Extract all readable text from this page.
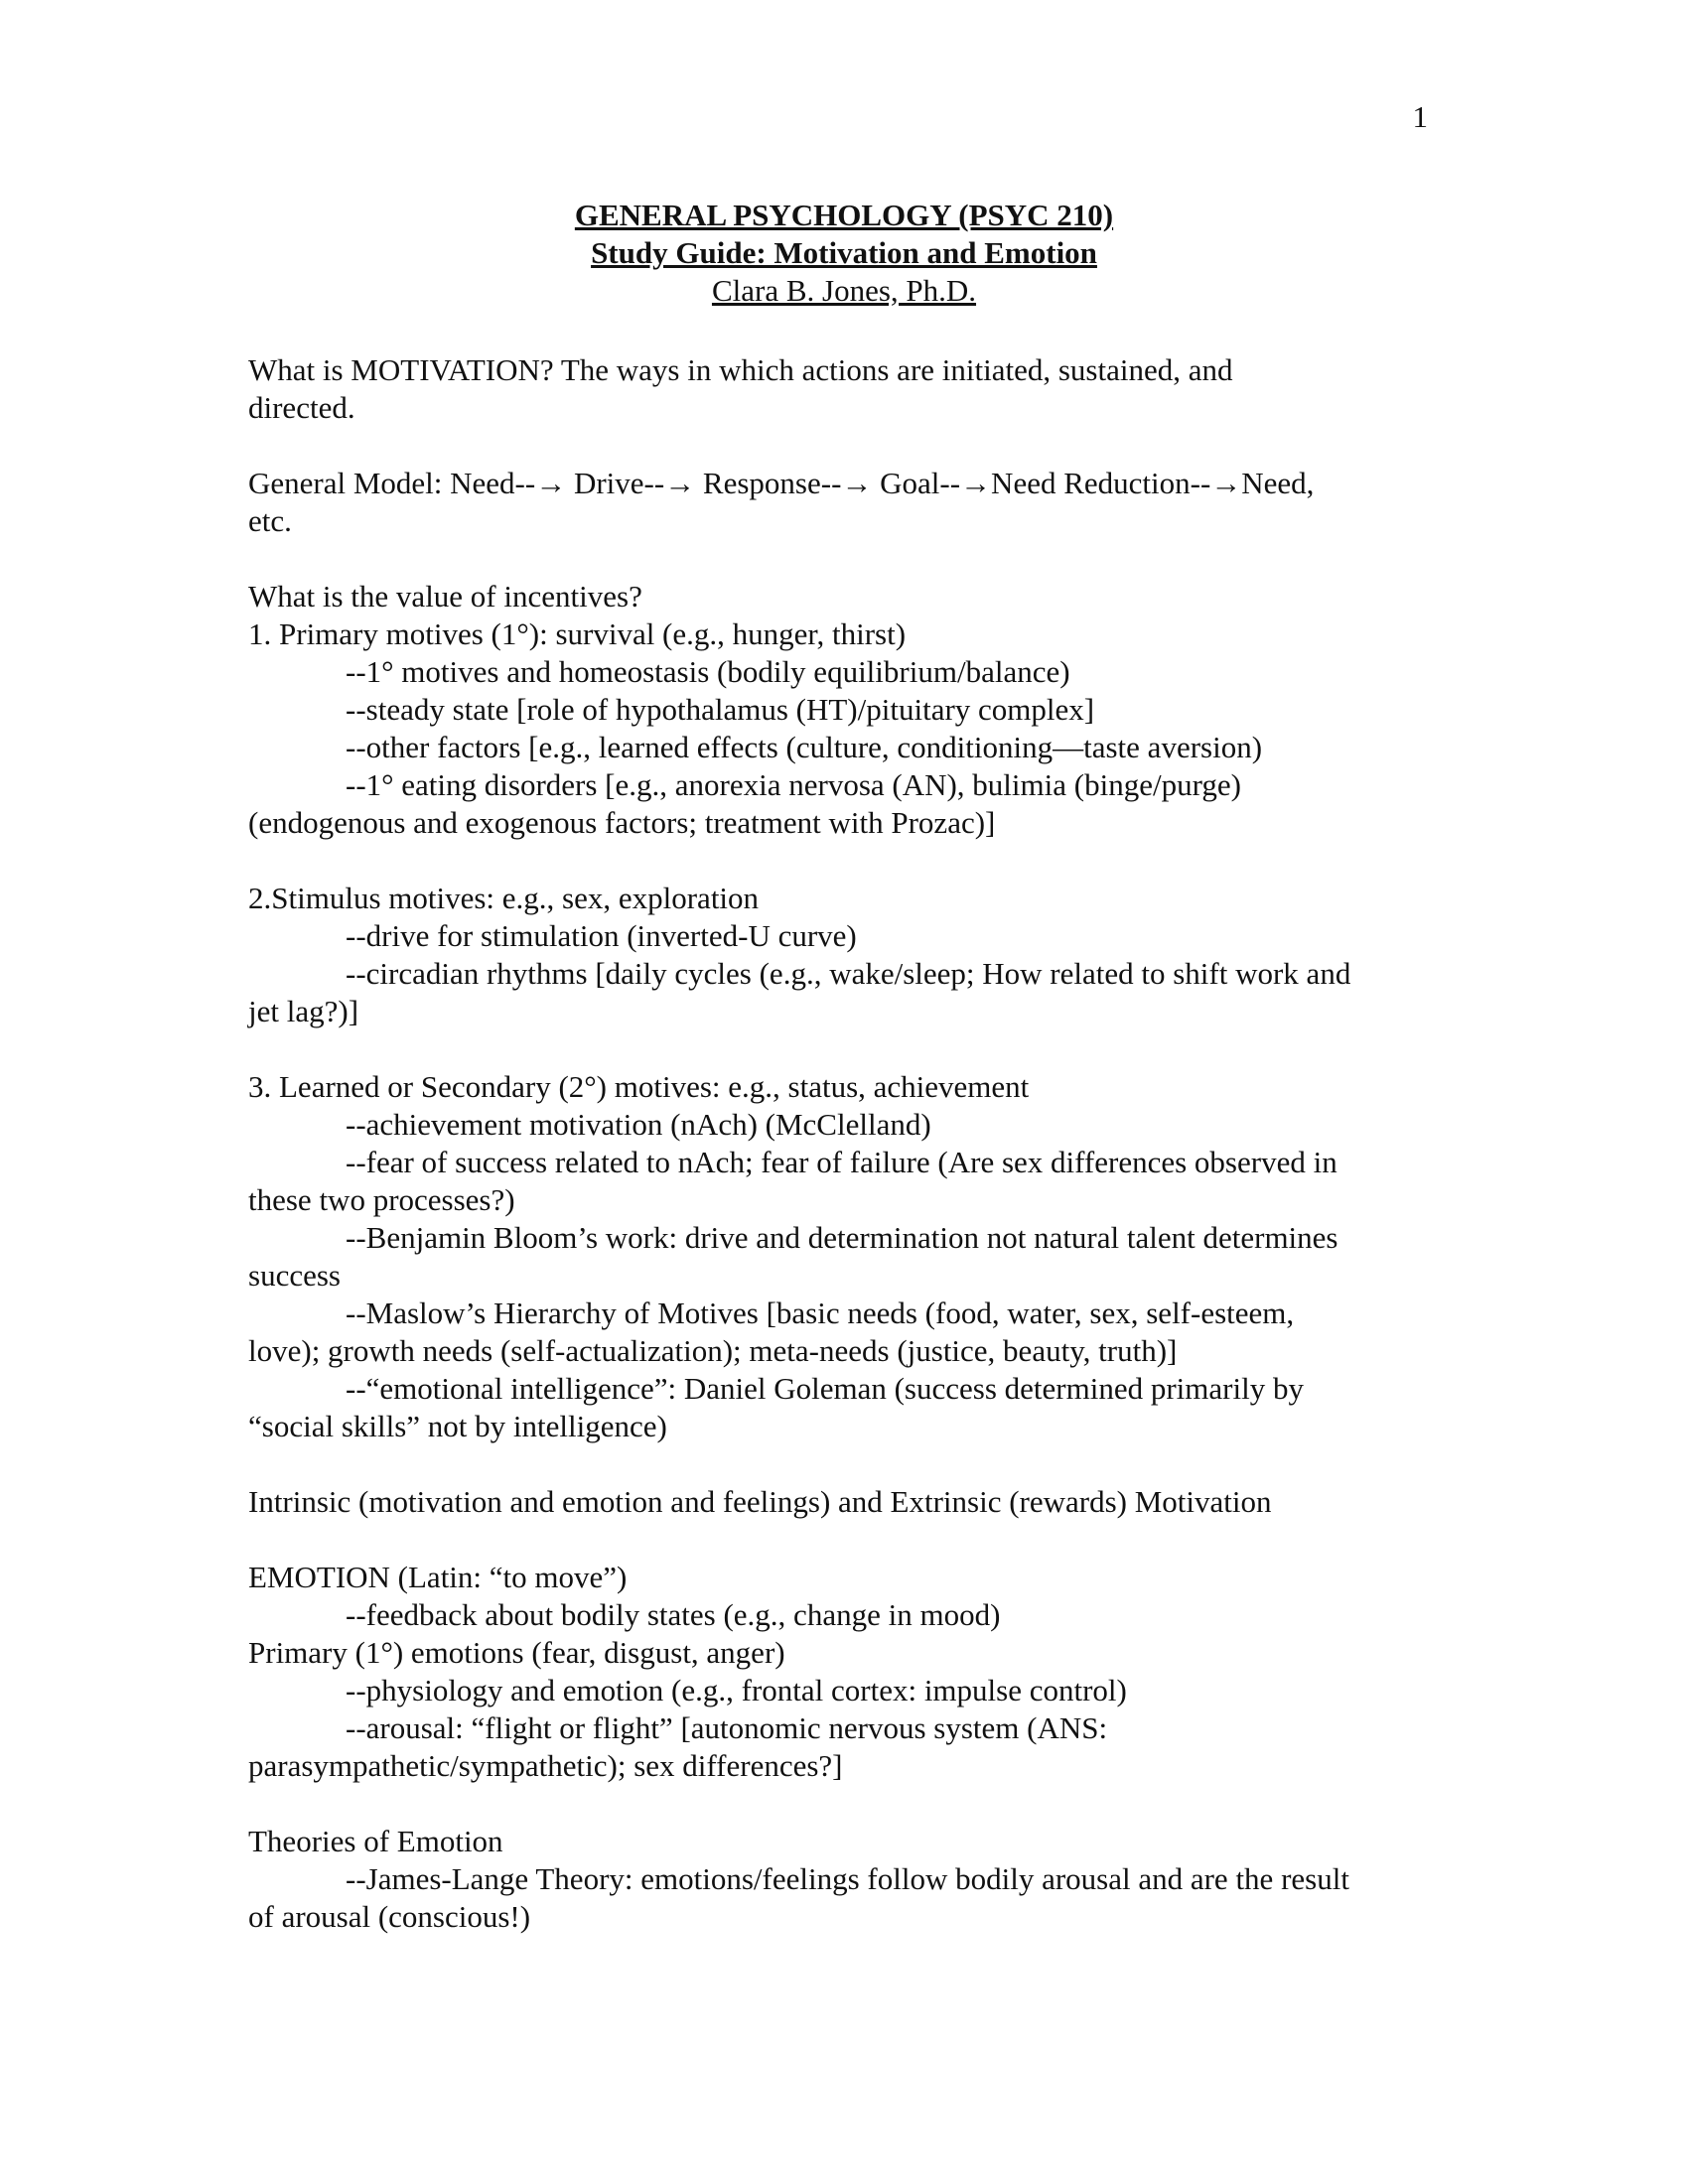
1
GENERAL PSYCHOLOGY (PSYC 210)
Study Guide: Motivation and Emotion
Clara B. Jones, Ph.D.
What is MOTIVATION? The ways in which actions are initiated, sustained, and
directed.
General Model: Need--→ Drive--→ Response--→ Goal--→Need Reduction--→Need,
etc.
What is the value of incentives?
1. Primary motives (1°): survival (e.g., hunger, thirst)
--1° motives and homeostasis (bodily equilibrium/balance)
--steady state [role of hypothalamus (HT)/pituitary complex]
--other factors [e.g., learned effects (culture, conditioning—taste aversion)
--1° eating disorders [e.g., anorexia nervosa (AN), bulimia (binge/purge)
(endogenous and exogenous factors; treatment with Prozac)]
2.Stimulus motives: e.g., sex, exploration
--drive for stimulation (inverted-U curve)
--circadian rhythms [daily cycles (e.g., wake/sleep; How related to shift work and
jet lag?)]
3. Learned or Secondary (2°) motives: e.g., status, achievement
--achievement motivation (nAch) (McClelland)
--fear of success related to nAch; fear of failure (Are sex differences observed in
these two processes?)
--Benjamin Bloom’s work: drive and determination not natural talent determines
success
--Maslow’s Hierarchy of Motives [basic needs (food, water, sex, self-esteem,
love); growth needs (self-actualization); meta-needs (justice, beauty, truth)]
--“emotional intelligence”: Daniel Goleman (success determined primarily by
“social skills” not by intelligence)
Intrinsic (motivation and emotion and feelings) and Extrinsic (rewards) Motivation
EMOTION (Latin: “to move”)
--feedback about bodily states (e.g., change in mood)
Primary (1°) emotions (fear, disgust, anger)
--physiology and emotion (e.g., frontal cortex: impulse control)
--arousal: “flight or flight” [autonomic nervous system (ANS:
parasympathetic/sympathetic); sex differences?]
Theories of Emotion
--James-Lange Theory: emotions/feelings follow bodily arousal and are the result
of arousal (conscious!)
